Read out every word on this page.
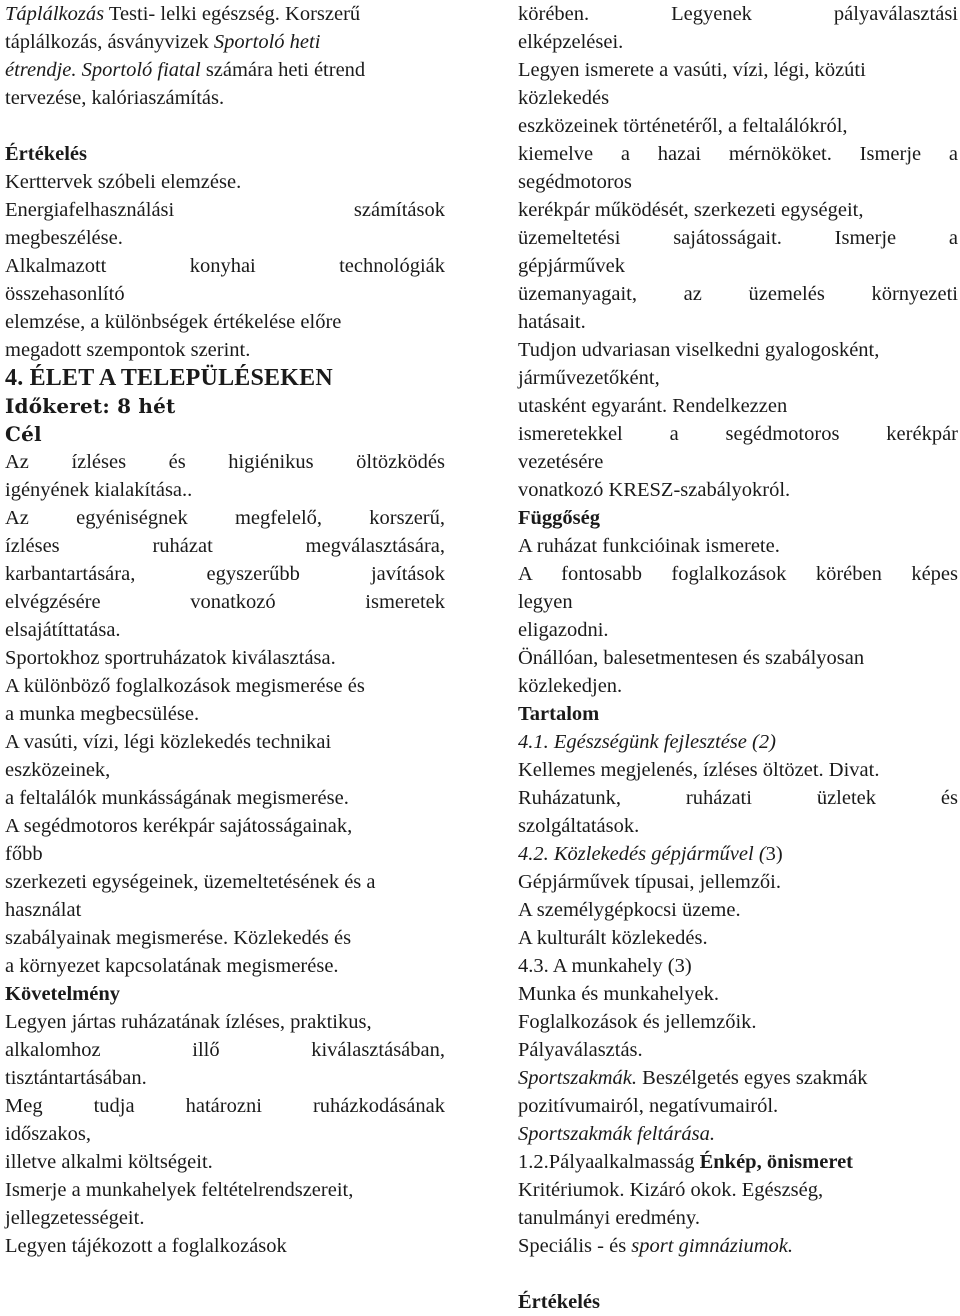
Táplálkozás Testi- lelki egészség. Korszerű
táplálkozás, ásványvizek Sportoló heti
étrendje. Sportoló fiatal számára heti étrend
tervezése, kalóriaszámítás.
Értékelés
Kerttervek szóbeli elemzése.
Energiafelhasználási számítások
megbeszélése.
Alkalmazott konyhai technológiák
összehasonlító
elemzése, a különbségek értékelése előre
megadott szempontok szerint.
4. ÉLET A TELEPÜLÉSEKEN
Időkeret: 8 hét
Cél
Az ízléses és higiénikus öltözködés
igényének kialakítása..
Az egyéniségnek megfelelő, korszerű,
ízléses ruházat megválasztására,
karbantartására, egyszerűbb javítások
elvégzésére vonatkozó ismeretek
elsajátíttatása.
Sportokhoz sportruházatok kiválasztása.
A különböző foglalkozások megismerése és
a munka megbecsülése.
A vasúti, vízi, légi közlekedés technikai
eszközeinek,
a feltalálók munkásságának megismerése.
A segédmotoros kerékpár sajátosságainak,
főbb
szerkezeti egységeinek, üzemeltetésének és a
használat
szabályainak megismerése. Közlekedés és
a környezet kapcsolatának megismerése.
Követelmény
Legyen jártas ruházatának ízléses, praktikus,
alkalomhoz illő kiválasztásában,
tisztántartásában.
Meg tudja határozni ruházkodásának
időszakos,
illetve alkalmi költségeit.
Ismerje a munkahelyek feltételrendszereit,
jellegzetességeit.
Legyen tájékozott a foglalkozások
körében. Legyenek pályaválasztási
elképzelései.
Legyen ismerete a vasúti, vízi, légi, közúti
közlekedés
eszközeinek történetéről, a feltalálókról,
kiemelve a hazai mérnököket. Ismerje a
segédmotoros
kerékpár működését, szerkezeti egységeit,
üzemeltetési sajátosságait. Ismerje a
gépjárművek
üzemanyagait, az üzemelés környezeti
hatásait.
Tudjon udvariasan viselkedni gyalogosként,
járművezetőként,
utasként egyaránt. Rendelkezzen
ismeretekkel a segédmotoros kerékpár
vezetésére
vonatkozó KRESZ-szabályokról.
Függőség
A ruházat funkcióinak ismerete.
A fontosabb foglalkozások körében képes
legyen
eligazodni.
Önállóan, balesetmentesen és szabályosan
közlekedjen.
Tartalom
4.1. Egészségünk fejlesztése (2)
Kellemes megjelenés, ízléses öltözet. Divat.
Ruházatunk, ruházati üzletek és
szolgáltatások.
4.2. Közlekedés gépjárművel (3)
Gépjárművek típusai, jellemzői.
A személygépkocsi üzeme.
A kulturált közlekedés.
4.3. A munkahely (3)
Munka és munkahelyek.
Foglalkozások és jellemzőik.
Pályaválasztás.
Sportszakmák. Beszélgetés egyes szakmák
pozitívumairól, negatívumairól.
Sportszakmák feltárása.
1.2.Pályaalkalmasság Énkép, önismeret
Kritériumok. Kizáró okok. Egészség,
tanulmányi eredmény.
Speciális - és sport gimnáziumok.
Értékelés
